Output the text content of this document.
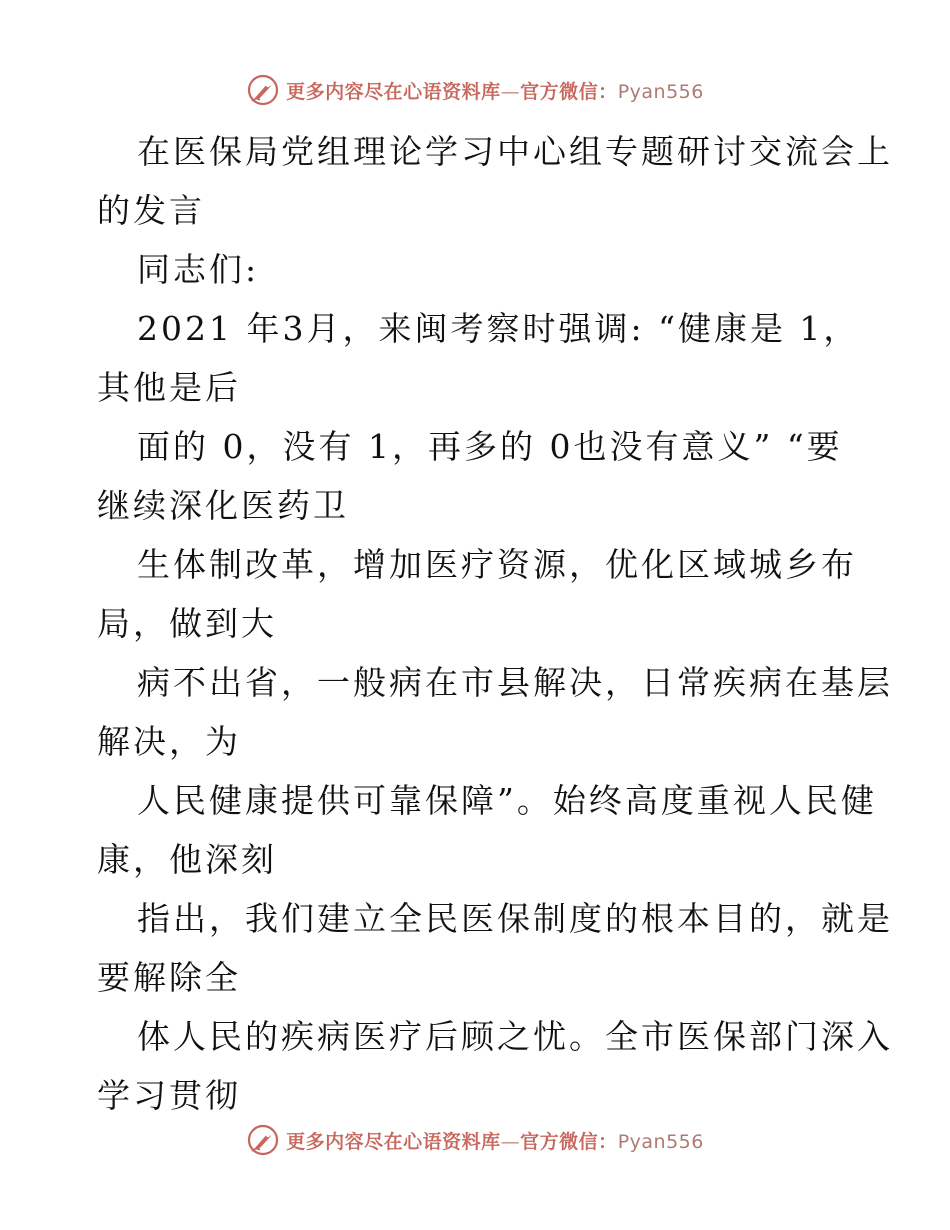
更多内容尽在心语资料库—官方微信：Pyan556
在医保局党组理论学习中心组专题研讨交流会上
的发言
同志们:
2021 年3月，来闽考察时强调: “健康是 1，
其他是后
面的 0，没有 1，再多的 0也没有意义” “要
继续深化医药卫
生体制改革，增加医疗资源，优化区域城乡布
局，做到大
病不出省，一般病在市县解决，日常疾病在基层
解决，为
人民健康提供可靠保障”。始终高度重视人民健
康，他深刻
指出，我们建立全民医保制度的根本目的，就是
要解除全
体人民的疾病医疗后顾之忧。全市医保部门深入
学习贯彻
更多内容尽在心语资料库—官方微信：Pyan556
